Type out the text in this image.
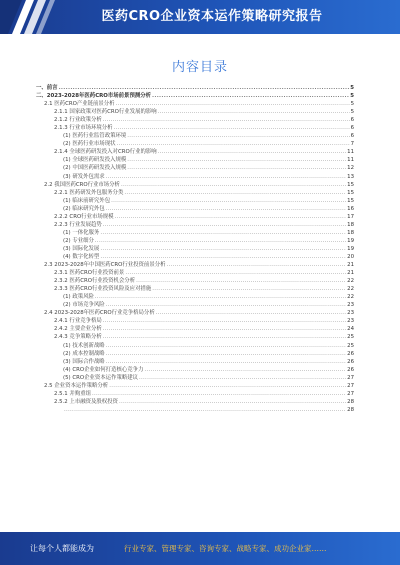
医药CRO企业资本运作策略研究报告
内容目录
一、前言 .....	5
二、2023-2028年医药CRO市场前景预测分析 .....	5
2.1 医药CRO产业链前景分析 .....	5
2.1.1 国家政策对医药CRO行业发展的影响 .....	5
2.1.2 行业政策分析 .....	6
2.1.3 行业市场环境分析 .....	6
(1) 医药行业监管政策环境 .....	6
(2) 医药行业市场现状 .....	7
2.1.4 全球医药研发投入对CRO行业的影响 .....	11
(1) 全球医药研发投入规模 .....	11
(2) 中国医药研发投入规模 .....	12
(3) 研发外包需求 .....	13
2.2 我国医药CRO行业市场分析 .....	15
2.2.1 医药研发外包服务分类 .....	15
(1) 临床前研究外包 .....	15
(2) 临床研究外包 .....	16
2.2.2 CRO行业市场规模 .....	17
2.2.3 行业发展趋势 .....	18
(1) 一体化服务 .....	18
(2) 专业细分 .....	19
(3) 国际化发展 .....	19
(4) 数字化转型 .....	20
2.3 2023-2028年中国医药CRO行业投资前景分析 .....	21
2.3.1 医药CRO行业投资前景 .....	21
2.3.2 医药CRO行业投资机会分析 .....	22
2.3.3 医药CRO行业投资风险及应对措施 .....	22
(1) 政策风险 .....	22
(2) 市场竞争风险 .....	23
2.4 2023-2028年医药CRO行业竞争格局分析 .....	23
2.4.1 行业竞争格局 .....	23
2.4.2 主要企业分析 .....	24
2.4.3 竞争策略分析 .....	25
(1) 技术创新战略 .....	25
(2) 成本控制战略 .....	26
(3) 国际合作战略 .....	26
(4) CRO企业如何打造核心竞争力 .....	26
(5) CRO企业资本运作策略建议 .....	27
2.5 企业资本运作策略分析 .....	27
2.5.1 并购重组 .....	27
2.5.2 上市融资及股权投资 .....	28
.....
28
让每个人都能成为	行业专家、管理专家、咨询专家、战略专家、成功企业家……
